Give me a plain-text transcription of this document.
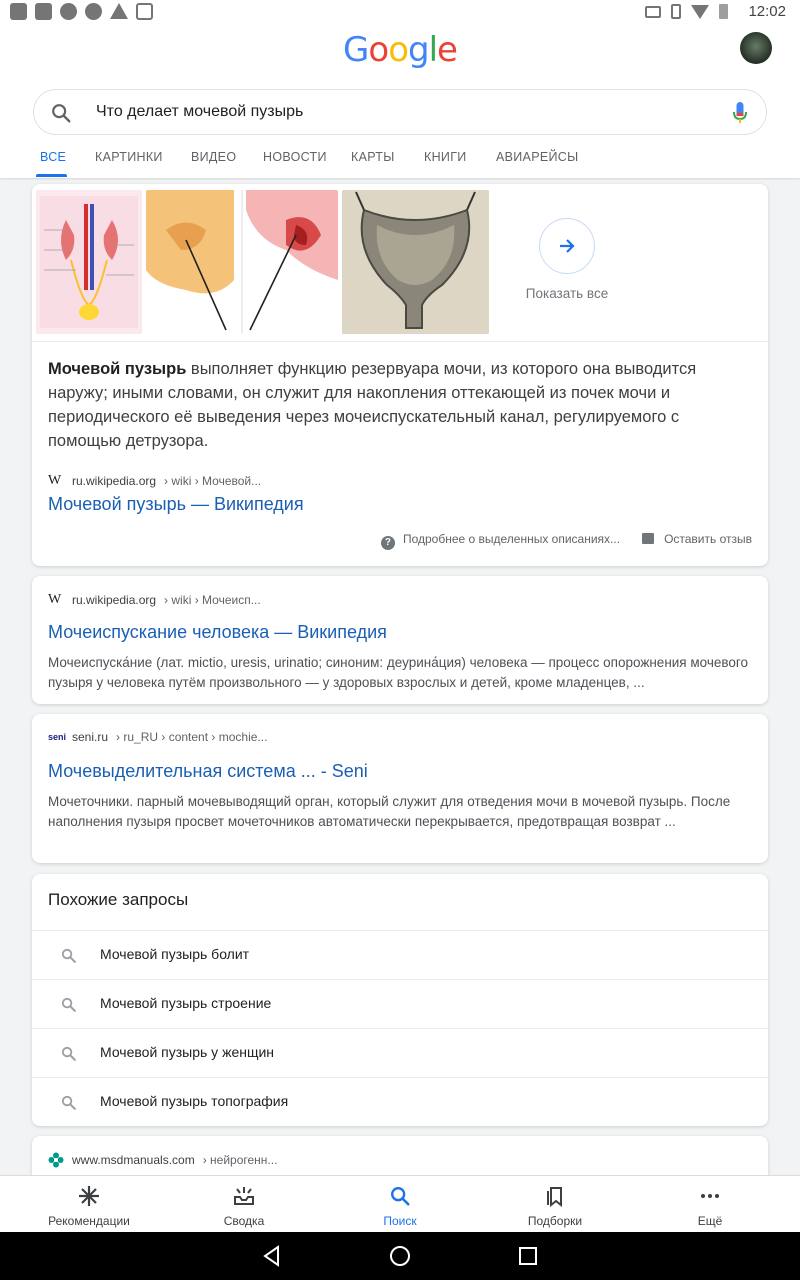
12:02
Google
Что делает мочевой пузырь
ВСЕ КАРТИНКИ ВИДЕО НОВОСТИ КАРТЫ КНИГИ АВИАРЕЙСЫ
Показать все
Мочевой пузырь выполняет функцию резервуара мочи, из которого она выводится наружу; иными словами, он служит для накопления оттекающей из почек мочи и периодического её выведения через мочеиспускательный канал, регулируемого с помощью детрузора.
W ru.wikipedia.org › wiki › Мочевой...
Мочевой пузырь — Википедия
? Подробнее о выделенных описаниях...	Оставить отзыв
W ru.wikipedia.org › wiki › Мочеисп...
Мочеиспускание человека — Википедия
Мочеиспуска́ние (лат. mictio, uresis, urinatio; синоним: деурина́ция) человека — процесс опорожнения мочевого пузыря у человека путём произвольного — у здоровых взрослых и детей, кроме младенцев, ...
seni seni.ru › ru_RU › content › mochie...
Мочевыделительная система ... - Seni
Мочеточники. парный мочевыводящий орган, который служит для отведения мочи в мочевой пузырь. После наполнения пузыря просвет мочеточников автоматически перекрывается, предотвращая возврат ...
Похожие запросы
Мочевой пузырь болит
Мочевой пузырь строение
Мочевой пузырь у женщин
Мочевой пузырь топография
www.msdmanuals.com › нейрогенн...
Рекомендации	Сводка	Поиск	Подборки	Ещё
